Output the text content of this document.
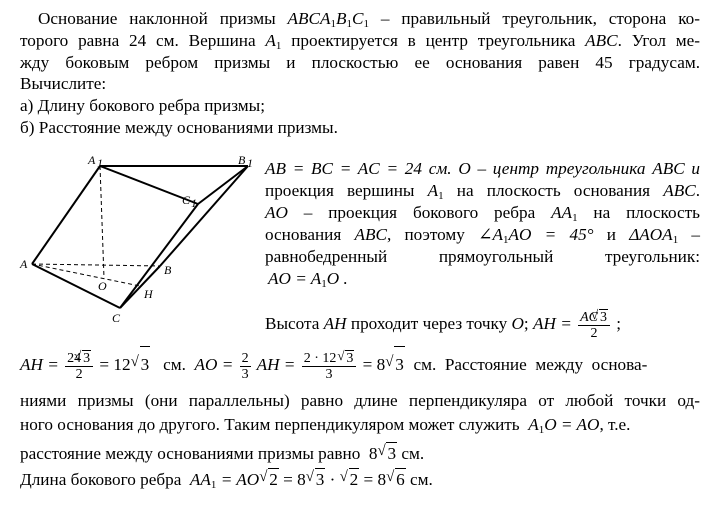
Основание наклонной призмы $ABCA_1B_1C_1$ – правильный треугольник, сторона ко-
торого равна 24 см. Вершина $A_1$ проектируется в центр треугольника ABC. Угол ме-
жду боковым ребром призмы и плоскостью ее основания равен 45 градусам.
Вычислите:
а) Длину бокового ребра призмы;
б) Расстояние между основаниями призмы.
A 1	B 1
C 1
A	B
C
O
H
AB = BC = AC = 24 см. O – центр треугольника ABC и
проекция вершины $A_1$ на плоскость основания ABC.
AO – проекция бокового ребра $AA_1$ на плоскость
основания ABC, поэтому $\angle A_1AO = 45^\circ$ и $\Delta AOA_1$ –
равнобедренный прямоугольный треугольник:
AO = $A_1O$ .
Высота AH проходит через точку O; AH = $\frac{AC√ 3}{2}$ ;
AH = $\frac{24√ 3}{2} = 12√$ 3   см.  AO = $\frac{2}{3}$ AH = $\frac{2 \cdot 12√ 3}{3} = 8√$ 3  см.  Расстояние  между  основа-
ниями призмы (они параллельны) равно длине перпендикуляра от любой точки од-
ного основания до другого. Таким перпендикуляром может служить  $A_1O$ = AO, т.е.
расстояние между основаниями призмы равно  8√ 3 см.
Длина бокового ребра  $AA_1 = AO√$ 2 = 8√ 3 · √ 2 = 8√ 6 см.
